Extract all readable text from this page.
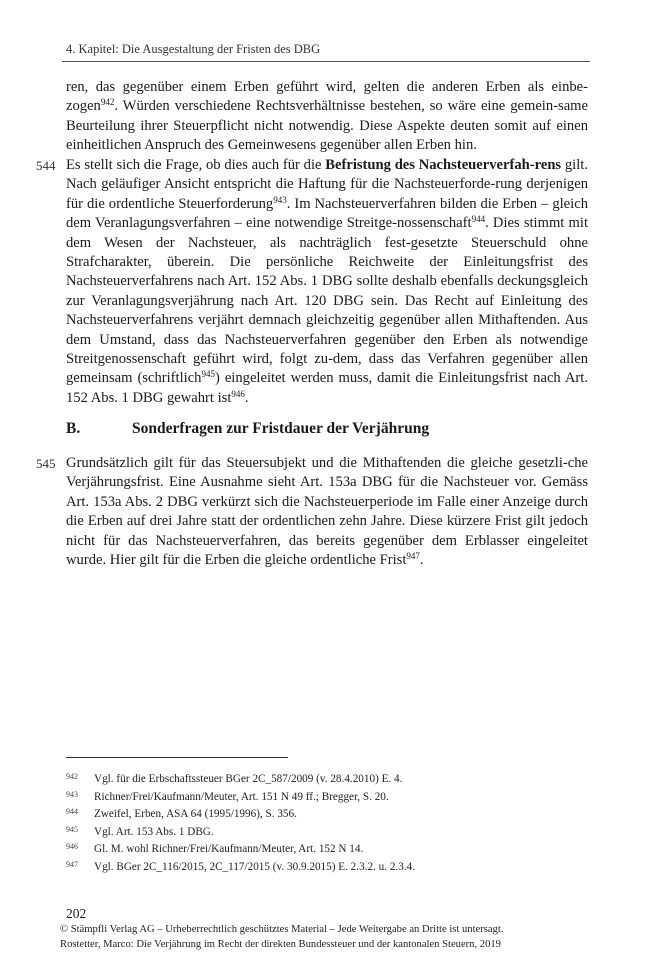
4. Kapitel: Die Ausgestaltung der Fristen des DBG
ren, das gegenüber einem Erben geführt wird, gelten die anderen Erben als einbe-zogen$^{942}$. Würden verschiedene Rechtsverhältnisse bestehen, so wäre eine gemein-same Beurteilung ihrer Steuerpflicht nicht notwendig. Diese Aspekte deuten somit auf einen einheitlichen Anspruch des Gemeinwesens gegenüber allen Erben hin.
544 Es stellt sich die Frage, ob dies auch für die Befristung des Nachsteuerverfah-rens gilt. Nach geläufiger Ansicht entspricht die Haftung für die Nachsteuerforde-rung derjenigen für die ordentliche Steuerforderung$^{943}$. Im Nachsteuerverfahren bilden die Erben – gleich dem Veranlagungsverfahren – eine notwendige Streitge-nossenschaft$^{944}$. Dies stimmt mit dem Wesen der Nachsteuer, als nachträglich fest-gesetzte Steuerschuld ohne Strafcharakter, überein. Die persönliche Reichweite der Einleitungsfrist des Nachsteuerverfahrens nach Art. 152 Abs. 1 DBG sollte deshalb ebenfalls deckungsgleich zur Veranlagungsverjährung nach Art. 120 DBG sein. Das Recht auf Einleitung des Nachsteuerverfahrens verjährt demnach gleichzeitig gegenüber allen Mithaftenden. Aus dem Umstand, dass das Nachsteuerverfahren gegenüber den Erben als notwendige Streitgenossenschaft geführt wird, folgt zu-dem, dass das Verfahren gegenüber allen gemeinsam (schriftlich$^{945}$) eingeleitet werden muss, damit die Einleitungsfrist nach Art. 152 Abs. 1 DBG gewahrt ist$^{946}$.
B.	Sonderfragen zur Fristdauer der Verjährung
545 Grundsätzlich gilt für das Steuersubjekt und die Mithaftenden die gleiche gesetzli-che Verjährungsfrist. Eine Ausnahme sieht Art. 153a DBG für die Nachsteuer vor. Gemäss Art. 153a Abs. 2 DBG verkürzt sich die Nachsteuerperiode im Falle einer Anzeige durch die Erben auf drei Jahre statt der ordentlichen zehn Jahre. Diese kürzere Frist gilt jedoch nicht für das Nachsteuerverfahren, das bereits gegenüber dem Erblasser eingeleitet wurde. Hier gilt für die Erben die gleiche ordentliche Frist$^{947}$.
942 Vgl. für die Erbschaftssteuer BGer 2C_587/2009 (v. 28.4.2010) E. 4.
943 Richner/Frei/Kaufmann/Meuter, Art. 151 N 49 ff.; Bregger, S. 20.
944 Zweifel, Erben, ASA 64 (1995/1996), S. 356.
945 Vgl. Art. 153 Abs. 1 DBG.
946 Gl. M. wohl Richner/Frei/Kaufmann/Meuter, Art. 152 N 14.
947 Vgl. BGer 2C_116/2015, 2C_117/2015 (v. 30.9.2015) E. 2.3.2. u. 2.3.4.
202
© Stämpfli Verlag AG – Urheberrechtlich geschütztes Material – Jede Weitergabe an Dritte ist untersagt.
Rostetter, Marco: Die Verjährung im Recht der direkten Bundessteuer und der kantonalen Steuern, 2019
